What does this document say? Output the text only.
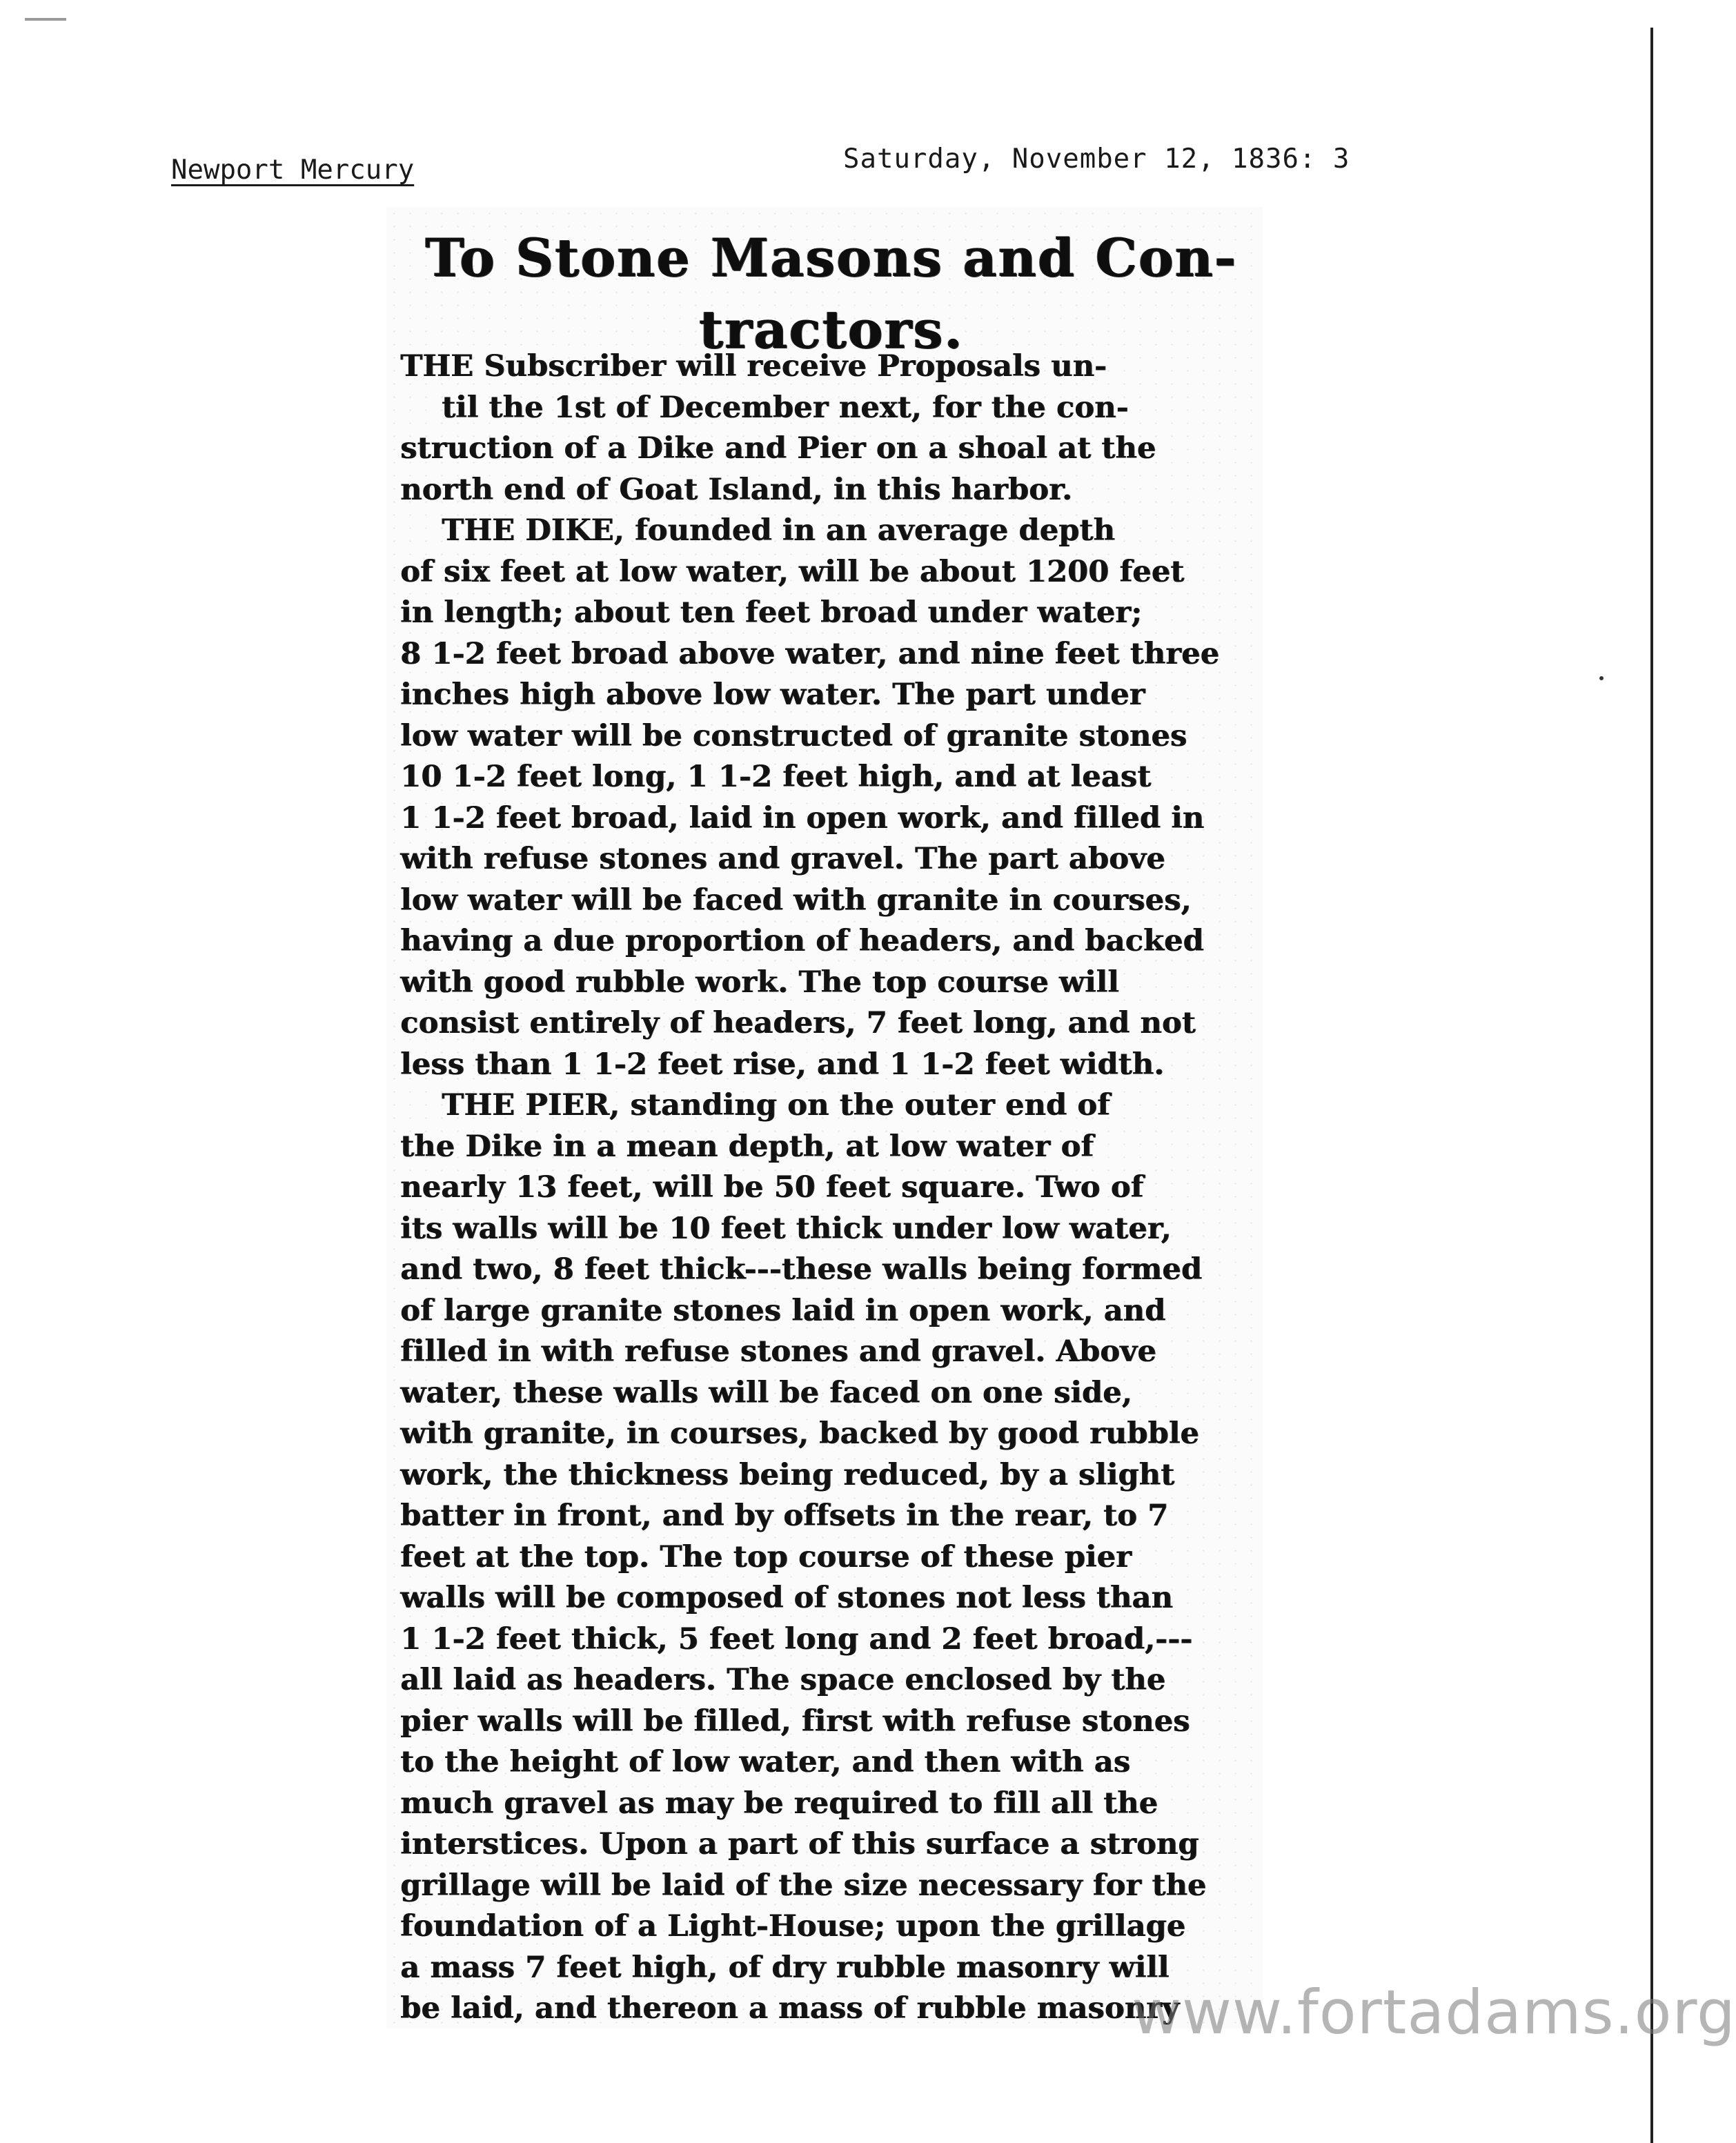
Newport Mercury	Saturday, November 12, 1836: 3
To Stone Masons and Con-
tractors.
THE Subscriber will receive Proposals un-
til the 1st of December next, for the con-
struction of a Dike and Pier on a shoal at the
north end of Goat Island, in this harbor.
THE DIKE, founded in an average depth
of six feet at low water, will be about 1200 feet
in length; about ten feet broad under water;
8 1-2 feet broad above water, and nine feet three
inches high above low water. The part under
low water will be constructed of granite stones
10 1-2 feet long, 1 1-2 feet high, and at least
1 1-2 feet broad, laid in open work, and filled in
with refuse stones and gravel. The part above
low water will be faced with granite in courses,
having a due proportion of headers, and backed
with good rubble work. The top course will
consist entirely of headers, 7 feet long, and not
less than 1 1-2 feet rise, and 1 1-2 feet width.
THE PIER, standing on the outer end of
the Dike in a mean depth, at low water of
nearly 13 feet, will be 50 feet square. Two of
its walls will be 10 feet thick under low water,
and two, 8 feet thick---these walls being formed
of large granite stones laid in open work, and
filled in with refuse stones and gravel. Above
water, these walls will be faced on one side,
with granite, in courses, backed by good rubble
work, the thickness being reduced, by a slight
batter in front, and by offsets in the rear, to 7
feet at the top. The top course of these pier
walls will be composed of stones not less than
1 1-2 feet thick, 5 feet long and 2 feet broad,---
all laid as headers. The space enclosed by the
pier walls will be filled, first with refuse stones
to the height of low water, and then with as
much gravel as may be required to fill all the
interstices. Upon a part of this surface a strong
grillage will be laid of the size necessary for the
foundation of a Light-House; upon the grillage
a mass 7 feet high, of dry rubble masonry will
be laid, and thereon a mass of rubble masonry
www.fortadams.org
